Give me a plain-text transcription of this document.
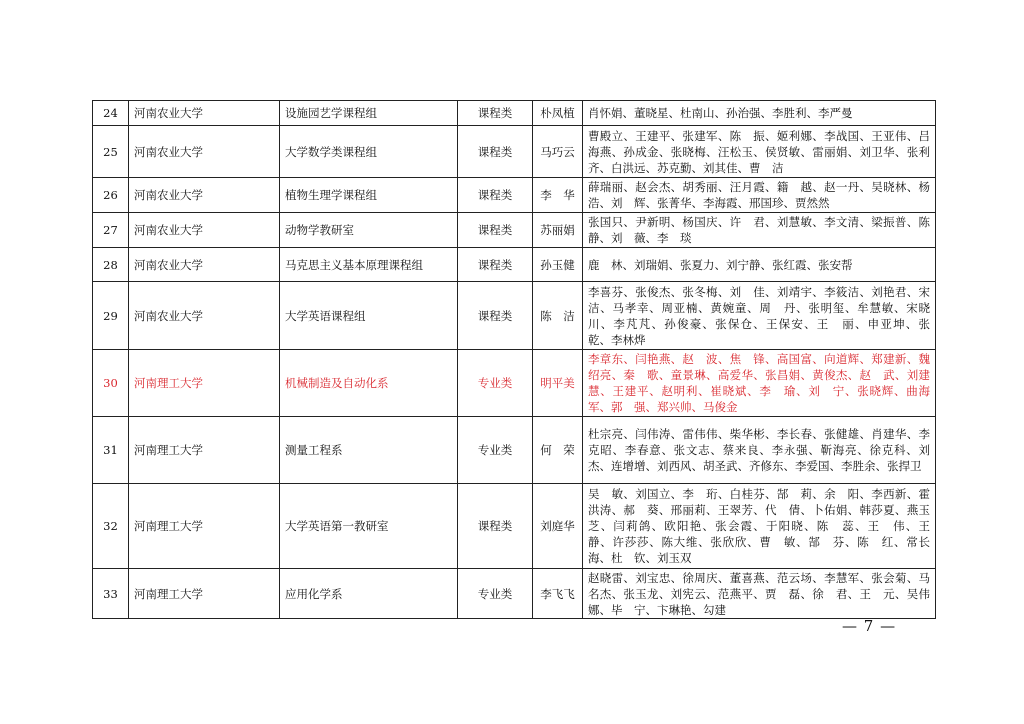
24	河南农业大学	设施园艺学课程组	课程类	朴凤植	肖怀娟、董晓星、杜南山、孙治强、李胜利、李严曼
25	河南农业大学	大学数学类课程组	课程类	马巧云	曹殿立、王建平、张建军、陈　振、姬利娜、李战国、王亚伟、吕海燕、孙成金、张晓梅、汪松玉、侯贤敏、雷丽娟、刘卫华、张利齐、白洪远、苏克勤、刘其佳、曹　洁
26	河南农业大学	植物生理学课程组	课程类	李　华	薛瑞丽、赵会杰、胡秀丽、汪月霞、籍　越、赵一丹、吴晓林、杨　浩、刘　辉、张菁华、李海霞、邢国珍、贾然然
27	河南农业大学	动物学教研室	课程类	苏丽娟	张国只、尹新明、杨国庆、许　君、刘慧敏、李文清、梁振普、陈　静、刘　薇、李　琰
28	河南农业大学	马克思主义基本原理课程组	课程类	孙玉健	鹿　林、刘瑞娟、张夏力、刘宁静、张红霞、张安帮
29	河南农业大学	大学英语课程组	课程类	陈　洁	李喜芬、张俊杰、张冬梅、刘　佳、刘靖宇、李筱洁、刘艳君、宋　洁、马孝幸、周亚楠、黄婉童、周　丹、张明玺、牟慧敏、宋晓川、李芃芃、孙俊豪、张保仓、王保安、王　丽、申亚坤、张　乾、李林烨
30	河南理工大学	机械制造及自动化系	专业类	明平美	李章东、闫艳燕、赵　波、焦　锋、高国富、向道辉、郑建新、魏绍亮、秦　歌、童景琳、高爱华、张昌娟、黄俊杰、赵　武、刘建慧、王建平、赵明利、崔晓斌、李　瑜、刘　宁、张晓辉、曲海军、郭　强、郑兴帅、马俊金
31	河南理工大学	测量工程系	专业类	何　荣	杜宗亮、闫伟涛、雷伟伟、柴华彬、李长春、张健雄、肖建华、李克昭、李春意、张文志、蔡来良、李永强、靳海亮、徐克科、刘　杰、连增增、刘西风、胡圣武、齐修东、李爱国、李胜余、张捍卫
32	河南理工大学	大学英语第一教研室	课程类	刘庭华	吴　敏、刘国立、李　珩、白桂芬、郜　莉、余　阳、李西新、霍洪涛、郝　葵、邢丽莉、王翠芳、代　倩、卜佑娟、韩莎夏、燕玉芝、闫莉鸽、欧阳艳、张会霞、于阳晓、陈　蕊、王　伟、王　静、许莎莎、陈大维、张欣欣、曹　敏、郜　芬、陈　红、常长海、杜　钦、刘玉双
33	河南理工大学	应用化学系	专业类	李飞飞	赵晓雷、刘宝忠、徐周庆、董喜燕、范云场、李慧军、张会菊、马名杰、张玉龙、刘宪云、范燕平、贾　磊、徐　君、王　元、吴伟娜、毕　宁、卞琳艳、勾建
— 7 —
